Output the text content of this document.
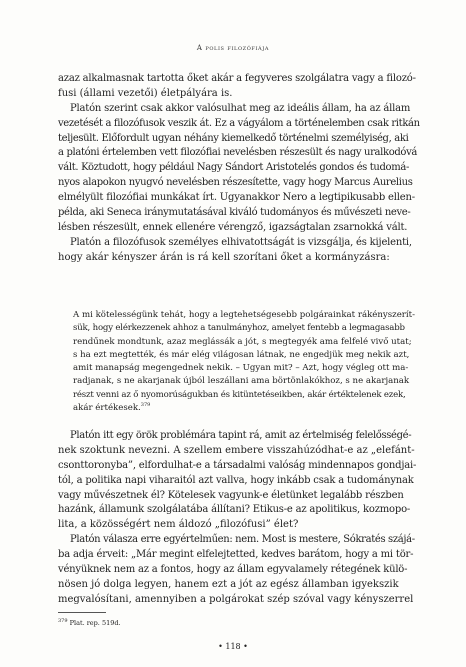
A polis filozófiája
azaz alkalmasnak tartotta őket akár a fegyveres szolgálatra vagy a filozó-
fusi (állami vezetői) életpályára is.
Platón szerint csak akkor valósulhat meg az ideális állam, ha az állam
vezetését a filozófusok veszik át. Ez a vágyálom a történelemben csak ritkán
teljesült. Előfordult ugyan néhány kiemelkedő történelmi személyiség, aki
a platóni értelemben vett filozófiai nevelésben részesült és nagy uralkodóvá
vált. Köztudott, hogy például Nagy Sándort Aristotelés gondos és tudomá-
nyos alapokon nyugvó nevelésben részesítette, vagy hogy Marcus Aurelius
elmélyült filozófiai munkákat írt. Ugyanakkor Nero a legtipikusabb ellen-
példa, aki Seneca iránymutatásával kiváló tudományos és művészeti neve-
lésben részesült, ennek ellenére vérengző, igazságtalan zsarnokká vált.
Platón a filozófusok személyes elhivatottságát is vizsgálja, és kijelenti,
hogy akár kényszer árán is rá kell szorítani őket a kormányzásra:
A mi kötelességünk tehát, hogy a legtehetségesebb polgárainkat rákényszerít-
sük, hogy elérkezzenek ahhoz a tanulmányhoz, amelyet fentebb a legmagasabb
rendűnek mondtunk, azaz meglássák a jót, s megtegyék ama felfelé vivő utat;
s ha ezt megtették, és már elég világosan látnak, ne engedjük meg nekik azt,
amit manapság megengednek nekik. – Ugyan mit? – Azt, hogy végleg ott ma-
radjanak, s ne akarjanak újból leszállani ama börtönlakókhoz, s ne akarjanak
részt venni az ő nyomorúságukban és kitüntetéseikben, akár értéktelenek ezek,
akár értékesek.$^{379}$
Platón itt egy örök problémára tapint rá, amit az értelmiség felelősségé-
nek szoktunk nevezni. A szellem embere visszahúzódhat-e az „elefánt-
csonttoronyba”, elfordulhat-e a társadalmi valóság mindennapos gondjai-
tól, a politika napi viharaitól azt vallva, hogy inkább csak a tudománynak
vagy művészetnek él? Kötelesek vagyunk-e életünket legalább részben
hazánk, államunk szolgálatába állítani? Etikus-e az apolitikus, kozmopo-
lita, a közösségért nem áldozó „filozófusi” élet?
Platón válasza erre egyértelműen: nem. Most is mestere, Sókratés szájá-
ba adja érveit: „Már megint elfelejtetted, kedves barátom, hogy a mi tör-
vényüknek nem az a fontos, hogy az állam egyvalamely rétegének külö-
nösen jó dolga legyen, hanem ezt a jót az egész államban igyekszik
megvalósítani, amennyiben a polgárokat szép szóval vagy kényszerrel
$^{379}$ Plat. rep. 519d.
• 118 •
